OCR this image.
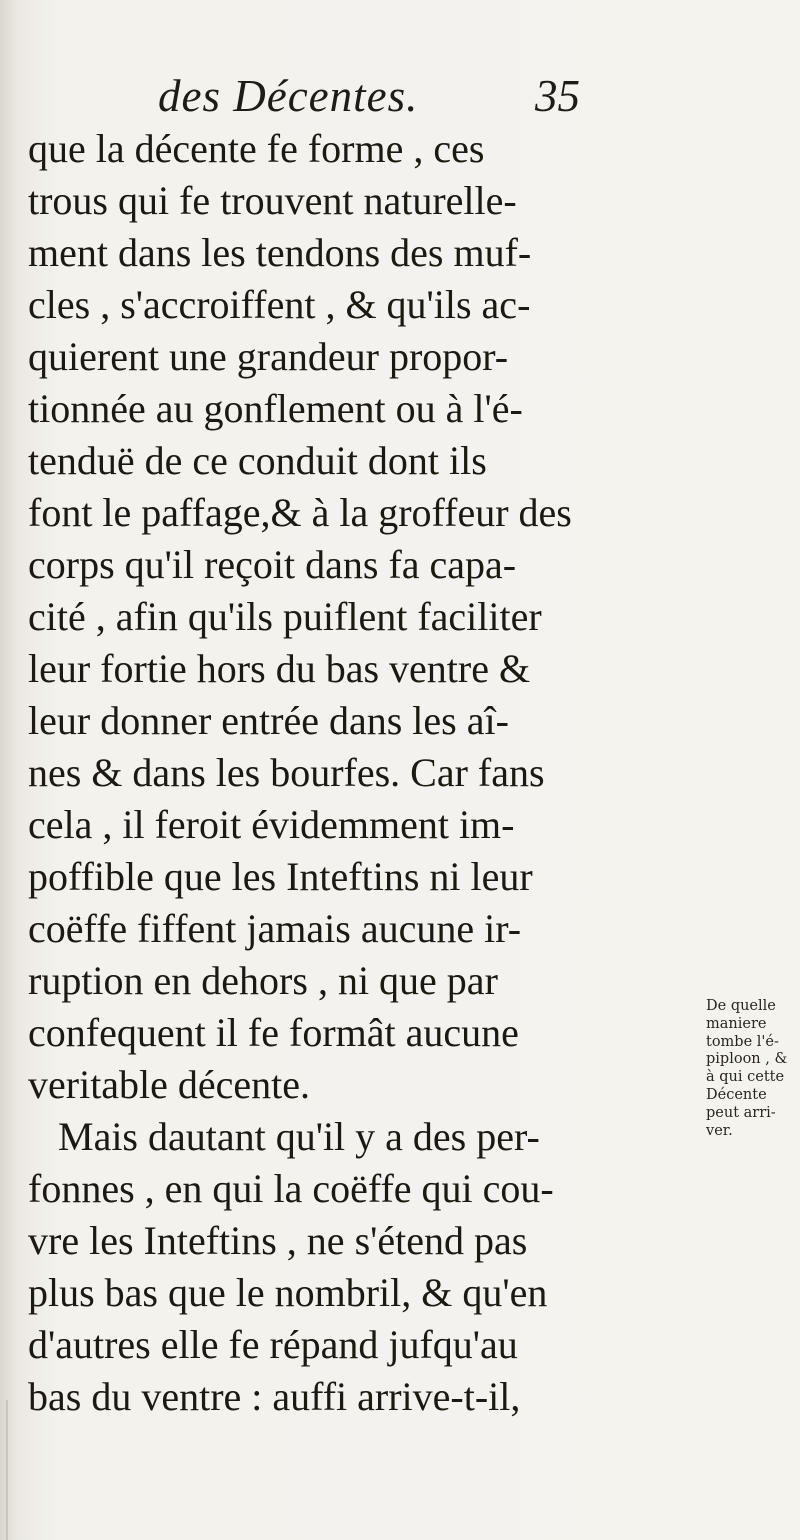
des Décentes.	35
que la décente fe forme , ces
trous qui fe trouvent naturelle-
ment dans les tendons des muf-
cles , s'accroiffent , & qu'ils ac-
quierent une grandeur propor-
tionnée au gonflement ou à l'é-
tenduë de ce conduit dont ils
font le paffage,& à la groffeur des
corps qu'il reçoit dans fa capa-
cité , afin qu'ils puiflent faciliter
leur fortie hors du bas ventre &
leur donner entrée dans les aî-
nes & dans les bourfes. Car fans
cela , il feroit évidemment im-
poffible que les Inteftins ni leur
coëffe fiffent jamais aucune ir-
ruption en dehors , ni que par
confequent il fe formât aucune
veritable décente.
Mais dautant qu'il y a des per-
fonnes , en qui la coëffe qui cou-
vre les Inteftins , ne s'étend pas
plus bas que le nombril, & qu'en
d'autres elle fe répand jufqu'au
bas du ventre : auffi arrive-t-il,
De quelle
maniere
tombe l'é-
piploon , &
à qui cette
Décente
peut arri-
ver.
